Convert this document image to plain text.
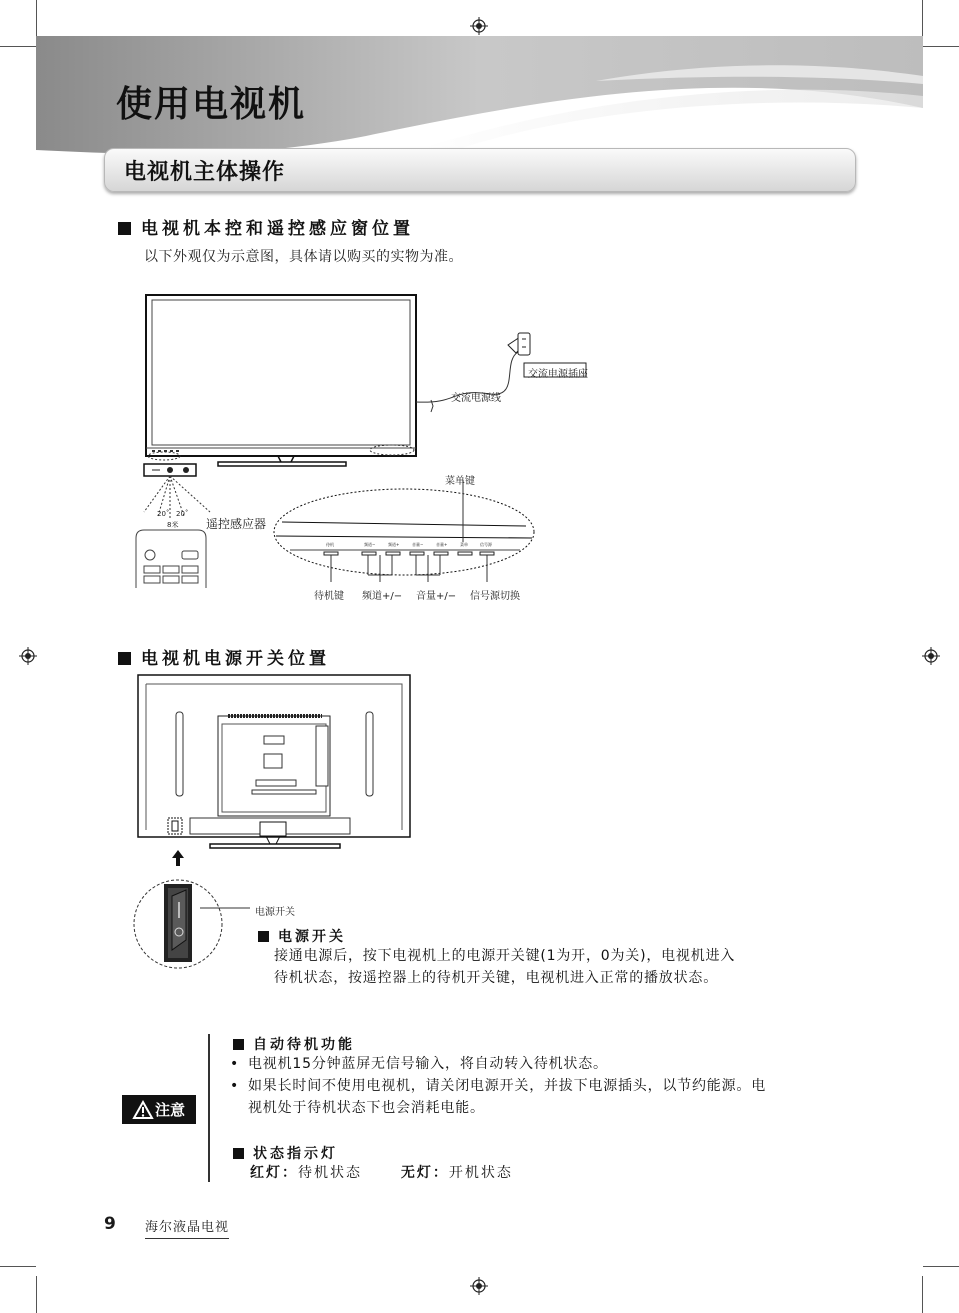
使用电视机
电视机主体操作
电视机本控和遥控感应窗位置
以下外观仅为示意图，具体请以购买的实物为准。
交流电源插座
交流电源线
菜单键
遥控感应器
20˚ 20˚
8米
待机	频道−	频道+	音量−	音量+	菜单	信号源
待机键 频道+/− 音量+/− 信号源切换
电视机电源开关位置
电源开关
电源开关
接通电源后，按下电视机上的电源开关键(1为开，0为关)，电视机进入
待机状态，按遥控器上的待机开关键，电视机进入正常的播放状态。
注意
自动待机功能
• 电视机15分钟蓝屏无信号输入，将自动转入待机状态。
• 如果长时间不使用电视机，请关闭电源开关，并拔下电源插头，以节约能源。电
视机处于待机状态下也会消耗电能。
状态指示灯
红灯：待机状态	无灯：开机状态
9 海尔液晶电视
